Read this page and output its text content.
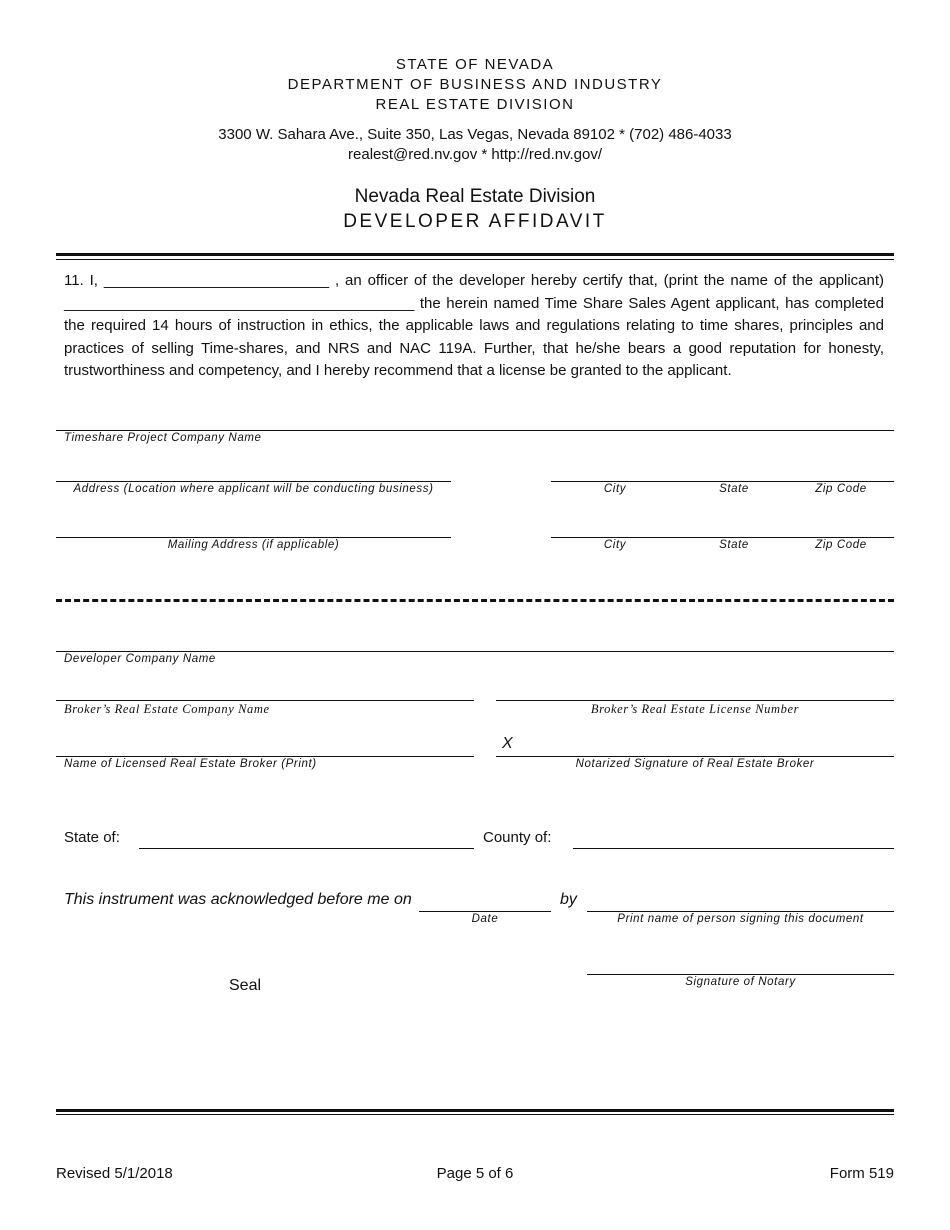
STATE OF NEVADA
DEPARTMENT OF BUSINESS AND INDUSTRY
REAL ESTATE DIVISION
3300 W. Sahara Ave., Suite 350, Las Vegas, Nevada 89102 * (702) 486-4033
realest@red.nv.gov * http://red.nv.gov/
Nevada Real Estate Division
DEVELOPER AFFIDAVIT
11. I, ___________________________ , an officer of the developer hereby certify that, (print the name of the applicant) __________________________________________ the herein named Time Share Sales Agent applicant, has completed the required 14 hours of instruction in ethics, the applicable laws and regulations relating to time shares, principles and practices of selling Time-shares, and NRS and NAC 119A. Further, that he/she bears a good reputation for honesty, trustworthiness and competency, and I hereby recommend that a license be granted to the applicant.
Timeshare Project Company Name
Address (Location where applicant will be conducting business)	City	State	Zip Code
Mailing Address (if applicable)	City	State	Zip Code
Developer Company Name
Broker’s Real Estate Company Name	Broker’s Real Estate License Number
X
Name of Licensed Real Estate Broker (Print)	Notarized Signature of Real Estate Broker
State of:	County of:
This instrument was acknowledged before me on
Date
by
Print name of person signing this document
Signature of Notary
Seal
Revised 5/1/2018	Page 5 of 6	Form 519
